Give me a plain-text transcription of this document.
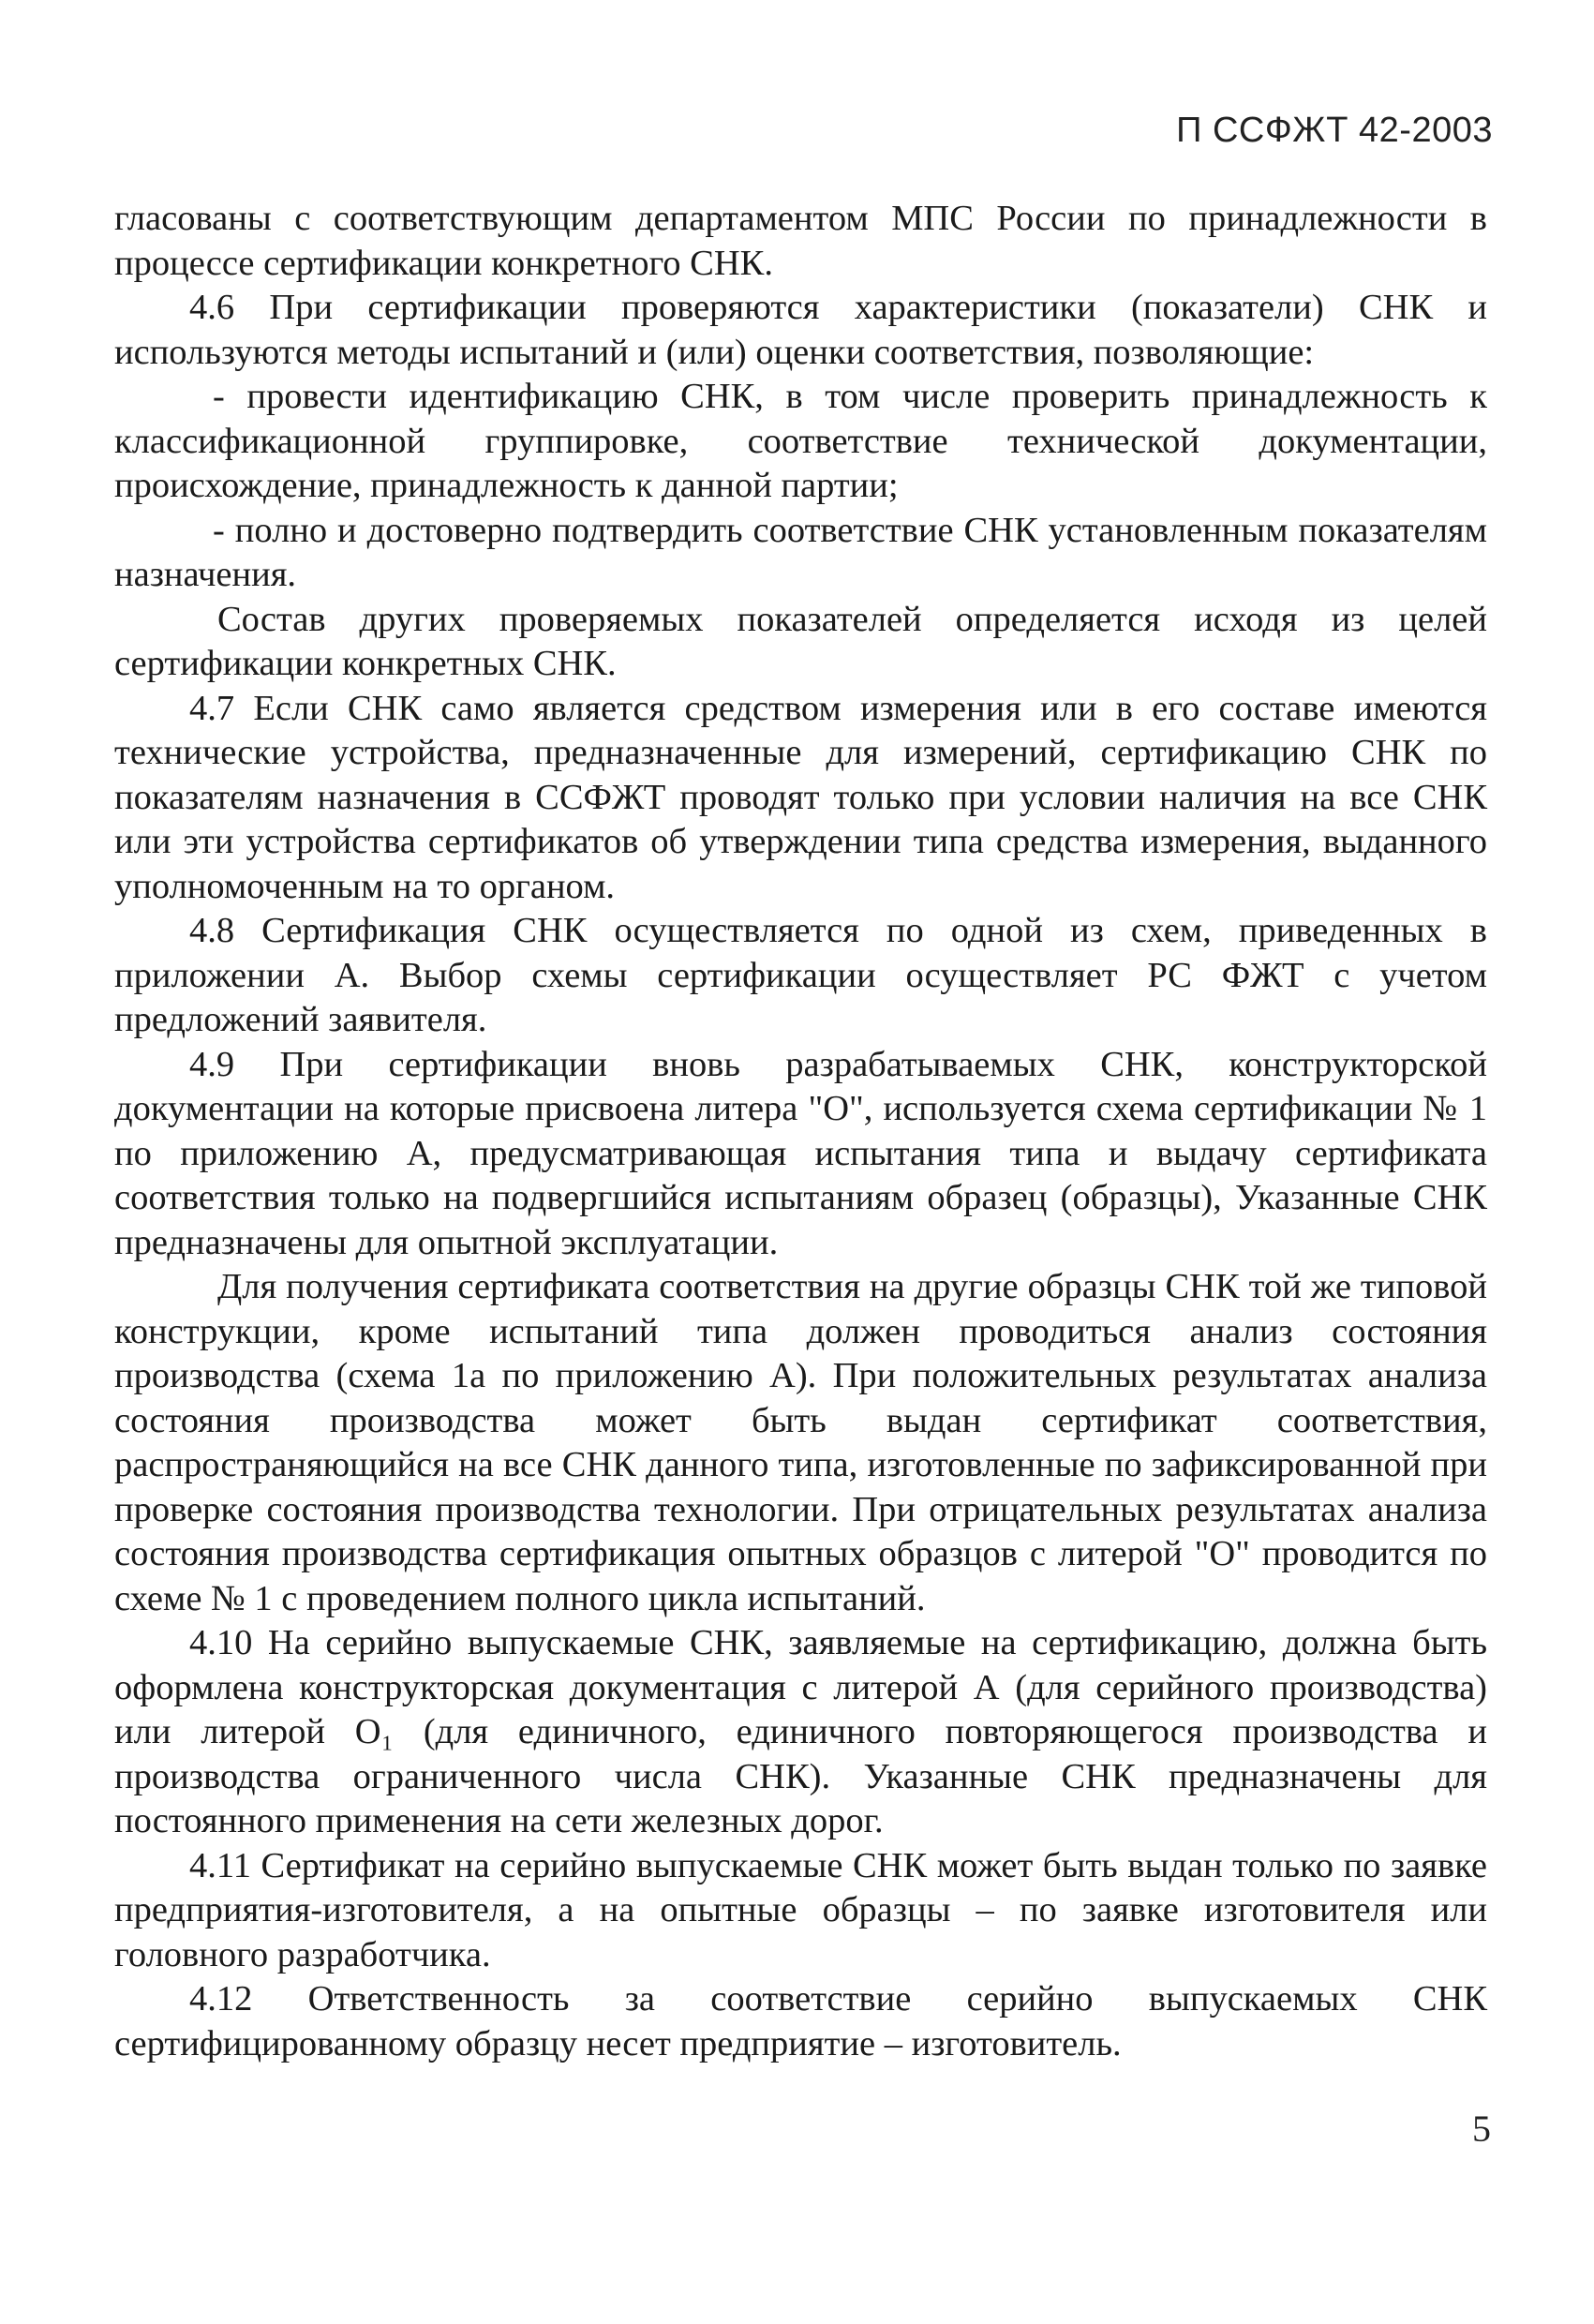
П ССФЖТ 42-2003

гласованы с соответствующим департаментом МПС России по принадлежности в процессе сертификации конкретного СНК.

4.6 При сертификации проверяются характеристики (показатели) СНК и используются методы испытаний и (или) оценки соответствия, позволяющие:

- провести идентификацию СНК, в том числе проверить принадлежность к классификационной группировке, соответствие технической документации, происхождение, принадлежность к данной партии;

- полно и достоверно подтвердить соответствие СНК установленным показателям назначения.

Состав других проверяемых показателей определяется исходя из целей сертификации конкретных СНК.

4.7 Если СНК само является средством измерения или в его составе имеются технические устройства, предназначенные для измерений, сертификацию СНК по показателям назначения в ССФЖТ проводят только при условии наличия на все СНК или эти устройства сертификатов об утверждении типа средства измерения, выданного уполномоченным на то органом.

4.8 Сертификация СНК осуществляется по одной из схем, приведенных в приложении А. Выбор схемы сертификации осуществляет РС ФЖТ с учетом предложений заявителя.

4.9 При сертификации вновь разрабатываемых СНК, конструкторской документации на которые присвоена литера "О", используется схема сертификации № 1 по приложению А, предусматривающая испытания типа и выдачу сертификата соответствия только на подвергшийся испытаниям образец (образцы), Указанные СНК предназначены для опытной эксплуатации.

Для получения сертификата соответствия на другие образцы СНК той же типовой конструкции, кроме испытаний типа должен проводиться анализ состояния производства (схема 1а по приложению А). При положительных результатах анализа состояния производства может быть выдан сертификат соответствия, распространяющийся на все СНК данного типа, изготовленные по зафиксированной при проверке состояния производства технологии. При отрицательных результатах анализа состояния производства сертификация опытных образцов с литерой "О" проводится по схеме № 1 с проведением полного цикла испытаний.

4.10 На серийно выпускаемые СНК, заявляемые на сертификацию, должна быть оформлена конструкторская документация с литерой А (для серийного производства) или литерой O₁ (для единичного, единичного повторяющегося производства и производства ограниченного числа СНК). Указанные СНК предназначены для постоянного применения на сети железных дорог.

4.11 Сертификат на серийно выпускаемые СНК может быть выдан только по заявке предприятия-изготовителя, а на опытные образцы – по заявке изготовителя или головного разработчика.

4.12 Ответственность за соответствие серийно выпускаемых СНК сертифицированному образцу несет предприятие – изготовитель.

5
